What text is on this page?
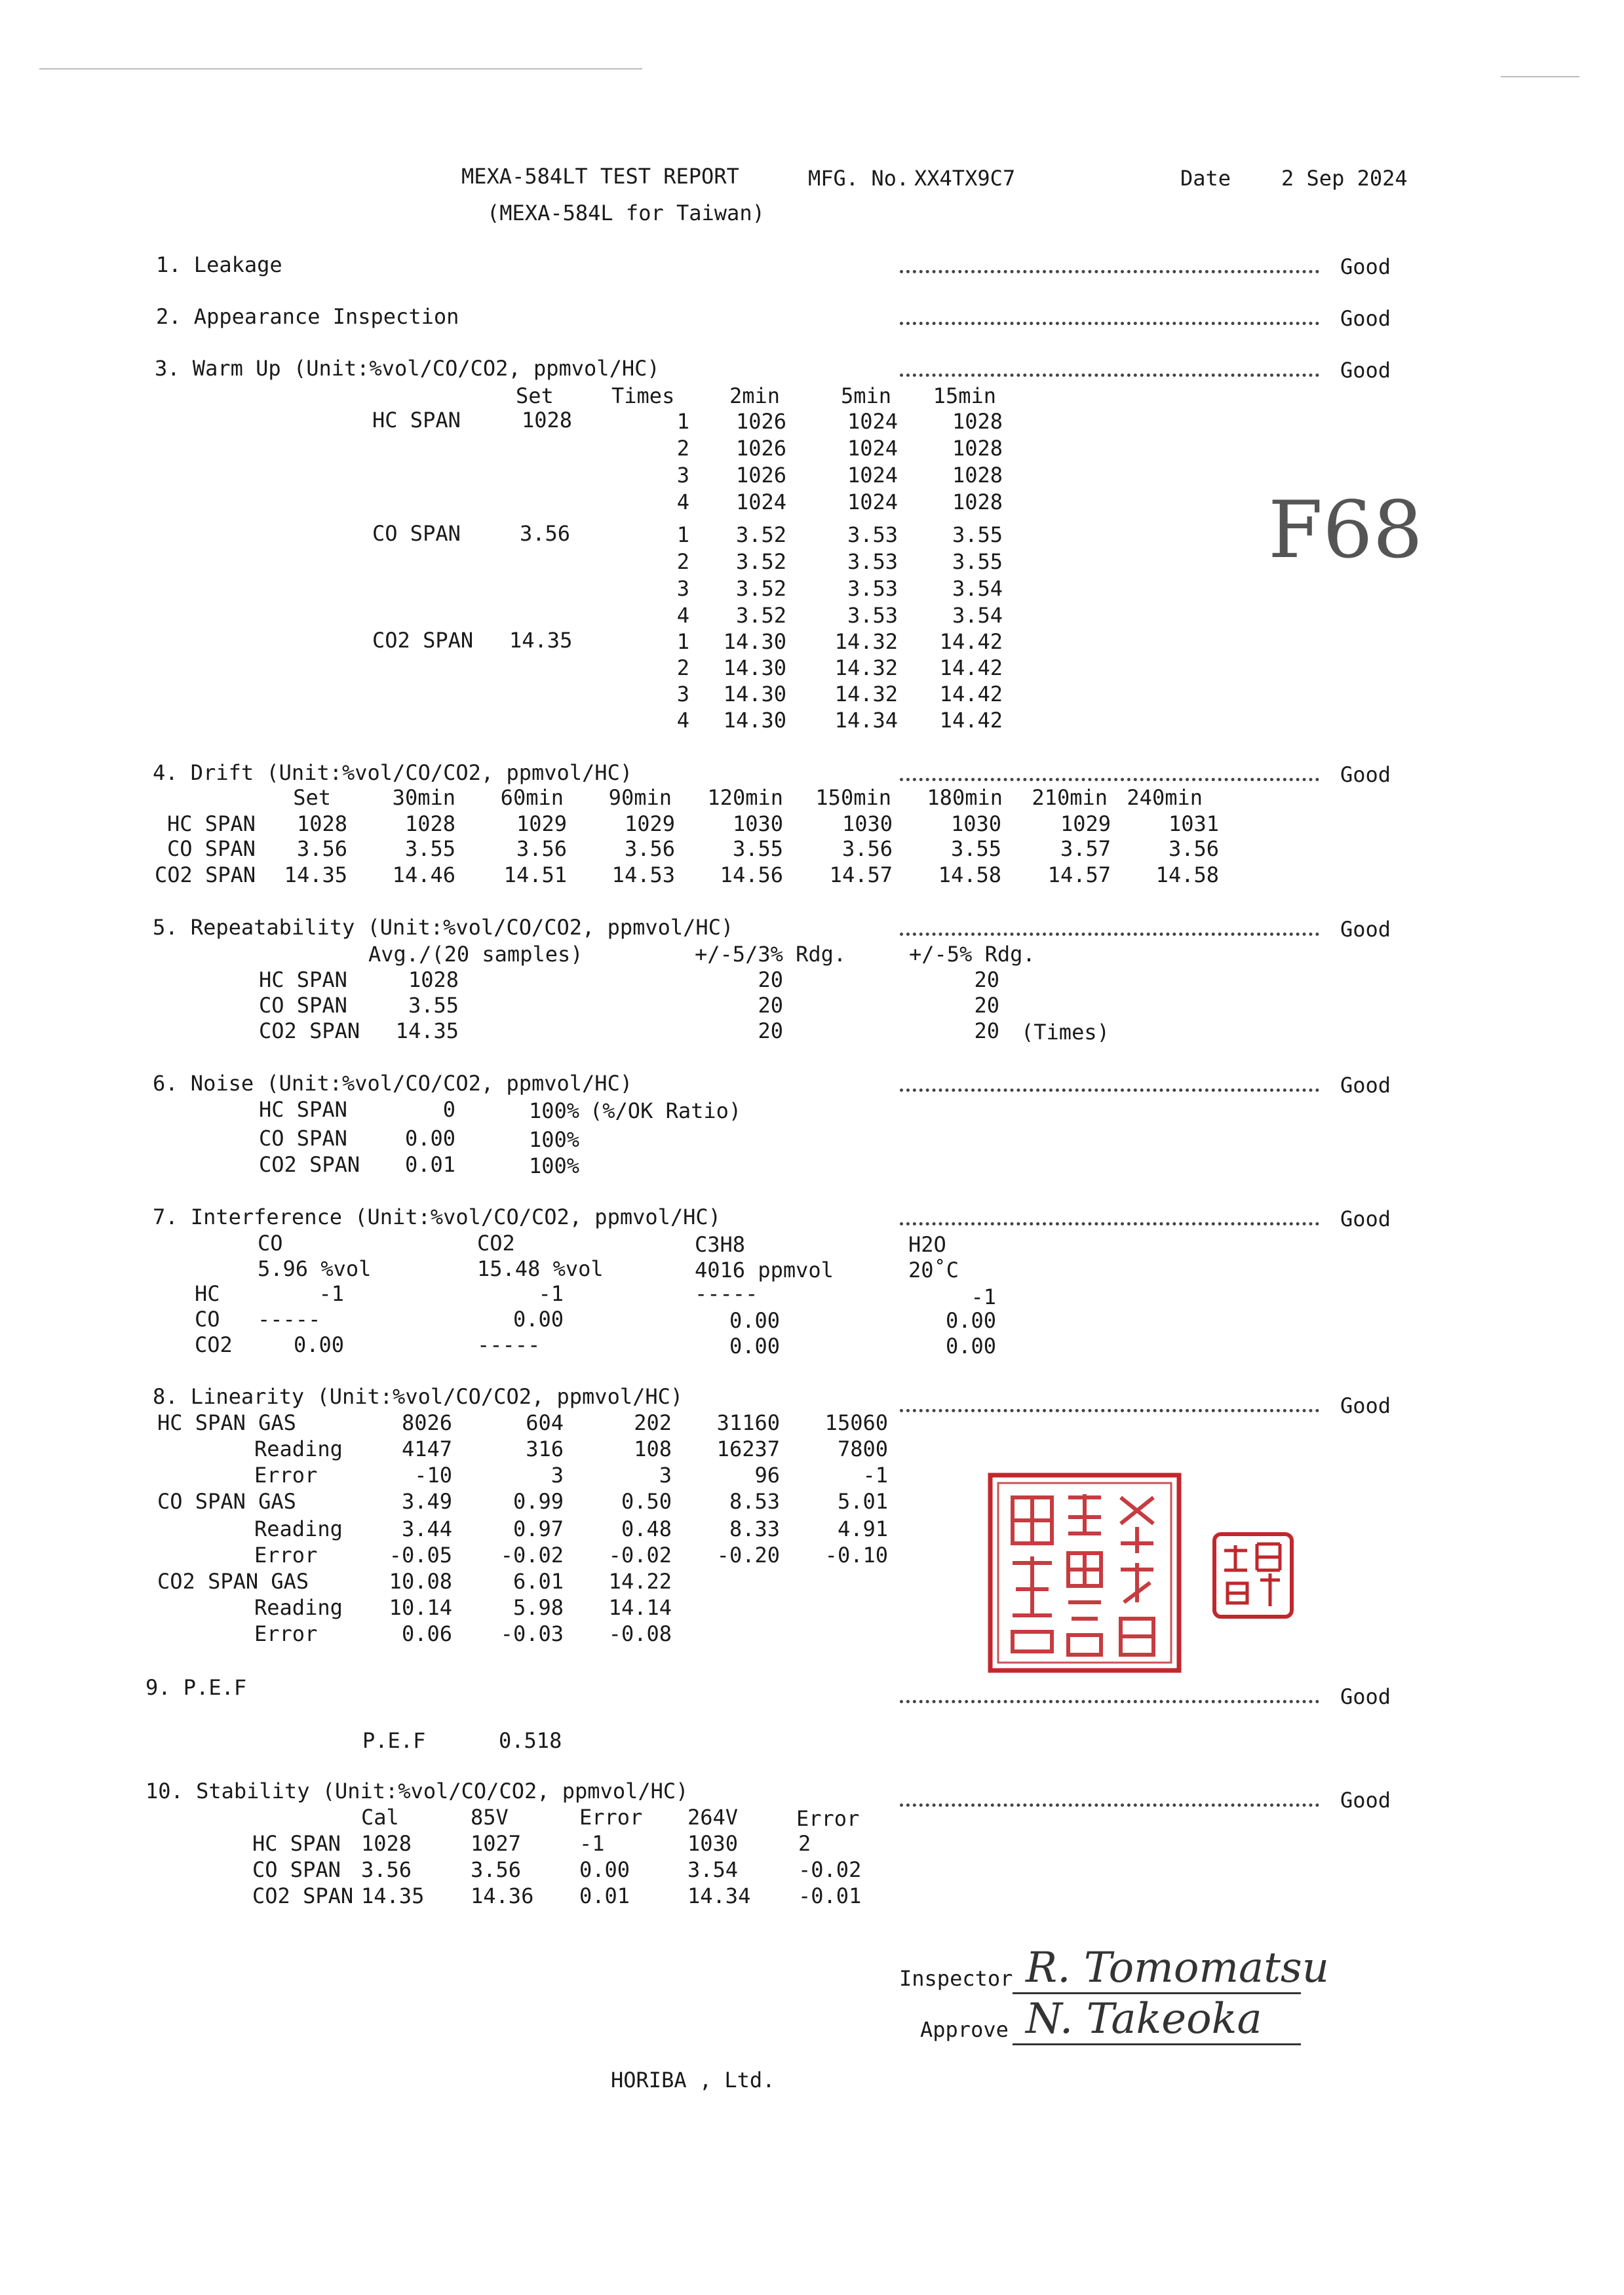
MEXA-584LT TEST REPORT
(MEXA-584L for Taiwan)
MFG. No. XX4TX9C7	Date 2 Sep 2024
F68
1. Leakage	Good
2. Appearance Inspection	Good
3. Warm Up (Unit:%vol/CO/CO2, ppmvol/HC)	Good
Set	Times	2min	5min 15min
HC SPAN	1028	1	1026	1024	1028
2	1026	1024	1028
3	1026	1024	1028
4	1024	1024	1028
CO SPAN	3.56	1	3.52	3.53	3.55
2	3.52	3.53	3.55
3	3.52	3.53	3.54
4	3.52	3.53	3.54
CO2 SPAN 14.35	1	14.30	14.32	14.42
2	14.30	14.32	14.42
3	14.30	14.32	14.42
4	14.30	14.34	14.42
4. Drift (Unit:%vol/CO/CO2, ppmvol/HC)	Good
Set	30min	60min	90min 120min 150min 180min 210min 240min
HC SPAN	1028	1028	1029	1029	1030	1030	1030	1029	1031
CO SPAN	3.56	3.55	3.56	3.56	3.55	3.56	3.55	3.57	3.56
CO2 SPAN	14.35	14.46	14.51	14.53	14.56	14.57	14.58	14.57	14.58
5. Repeatability (Unit:%vol/CO/CO2, ppmvol/HC)	Good
Avg./(20 samples)	+/-5/3% Rdg.	+/-5% Rdg.
HC SPAN	1028	20	20
CO SPAN	3.55	20	20
CO2 SPAN	14.35	20	20 (Times)
6. Noise (Unit:%vol/CO/CO2, ppmvol/HC)	Good
HC SPAN	0	100% (%/OK Ratio)
CO SPAN	0.00	100%
CO2 SPAN	0.01	100%
7. Interference (Unit:%vol/CO/CO2, ppmvol/HC)	Good
CO	CO2	C3H8	H2O
5.96 %vol	15.48 %vol	4016 ppmvol	20˚C
HC	-1	-1	-----	-1
CO -----	0.00	0.00	0.00
CO2	0.00	-----	0.00	0.00
8. Linearity (Unit:%vol/CO/CO2, ppmvol/HC)	Good
HC SPAN GAS	8026	604	202	31160	15060
Reading	4147	316	108	16237	7800
Error	-10	3	3	96	-1
CO SPAN GAS	3.49	0.99	0.50	8.53	5.01
Reading	3.44	0.97	0.48	8.33	4.91
Error	-0.05	-0.02	-0.02	-0.20	-0.10
CO2 SPAN GAS	10.08	6.01	14.22
Reading	10.14	5.98	14.14
Error	0.06	-0.03	-0.08
9. P.E.F	Good
P.E.F	0.518
10. Stability (Unit:%vol/CO/CO2, ppmvol/HC)	Good
Cal	85V	Error 264V	Error
HC SPAN 1028	1027	-1	1030	2
CO SPAN 3.56	3.56	0.00	3.54	-0.02
CO2 SPAN 14.35 14.36 0.01	14.34 -0.01
Inspector R. Tomomatsu
Approve N. Takeoka
HORIBA , Ltd.
